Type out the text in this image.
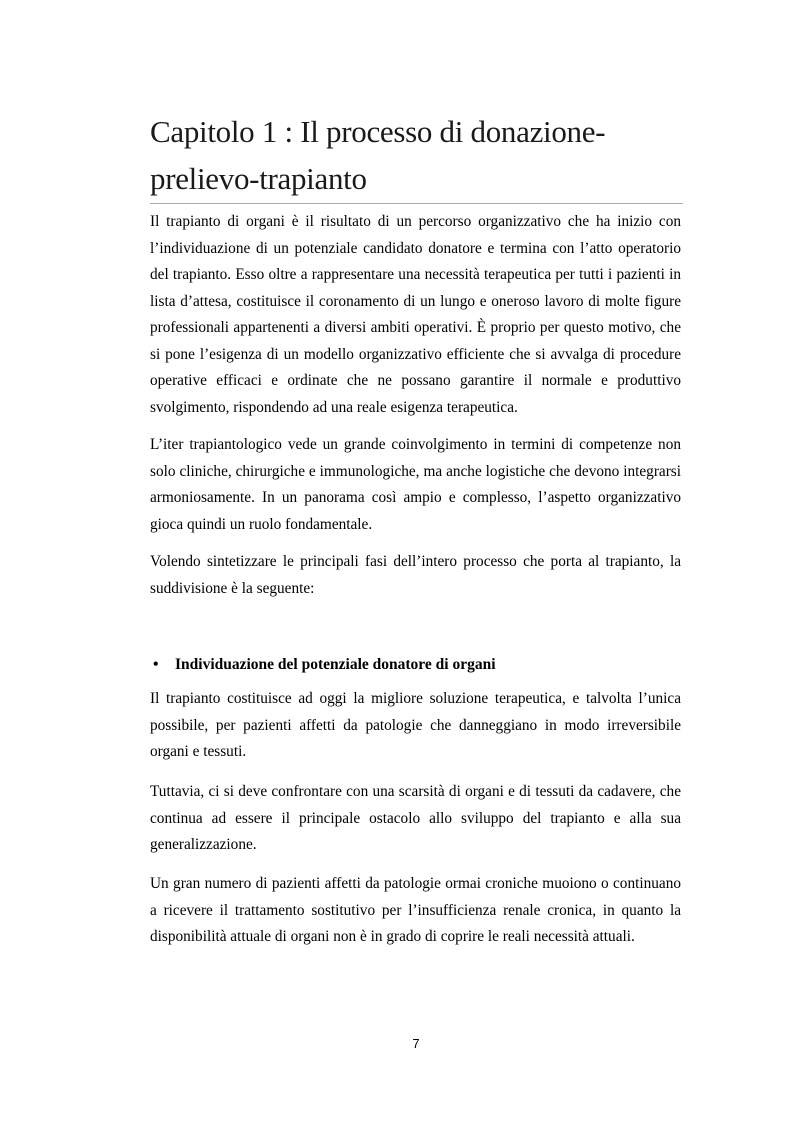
Capitolo 1 : Il processo di donazione-prelievo-trapianto

Il trapianto di organi è il risultato di un percorso organizzativo che ha inizio con l’individuazione di un potenziale candidato donatore e termina con l’atto operatorio del trapianto. Esso oltre a rappresentare una necessità terapeutica per tutti i pazienti in lista d’attesa, costituisce il coronamento di un lungo e oneroso lavoro di molte figure professionali appartenenti a diversi ambiti operativi. È proprio per questo motivo, che si pone l’esigenza di un modello organizzativo efficiente che si avvalga di procedure operative efficaci e ordinate che ne possano garantire il normale e produttivo svolgimento, rispondendo ad una reale esigenza terapeutica.

L’iter trapiantologico vede un grande coinvolgimento in termini di competenze non solo cliniche, chirurgiche e immunologiche, ma anche logistiche che devono integrarsi armoniosamente. In un panorama così ampio e complesso, l’aspetto organizzativo gioca quindi un ruolo fondamentale.

Volendo sintetizzare le principali fasi dell’intero processo che porta al trapianto, la suddivisione è la seguente:

• Individuazione del potenziale donatore di organi

Il trapianto costituisce ad oggi la migliore soluzione terapeutica, e talvolta l’unica possibile, per pazienti affetti da patologie che danneggiano in modo irreversibile organi e tessuti.

Tuttavia, ci si deve confrontare con una scarsità di organi e di tessuti da cadavere, che continua ad essere il principale ostacolo allo sviluppo del trapianto e alla sua generalizzazione.

Un gran numero di pazienti affetti da patologie ormai croniche muoiono o continuano a ricevere il trattamento sostitutivo per l’insufficienza renale cronica, in quanto la disponibilità attuale di organi non è in grado di coprire le reali necessità attuali.

7
